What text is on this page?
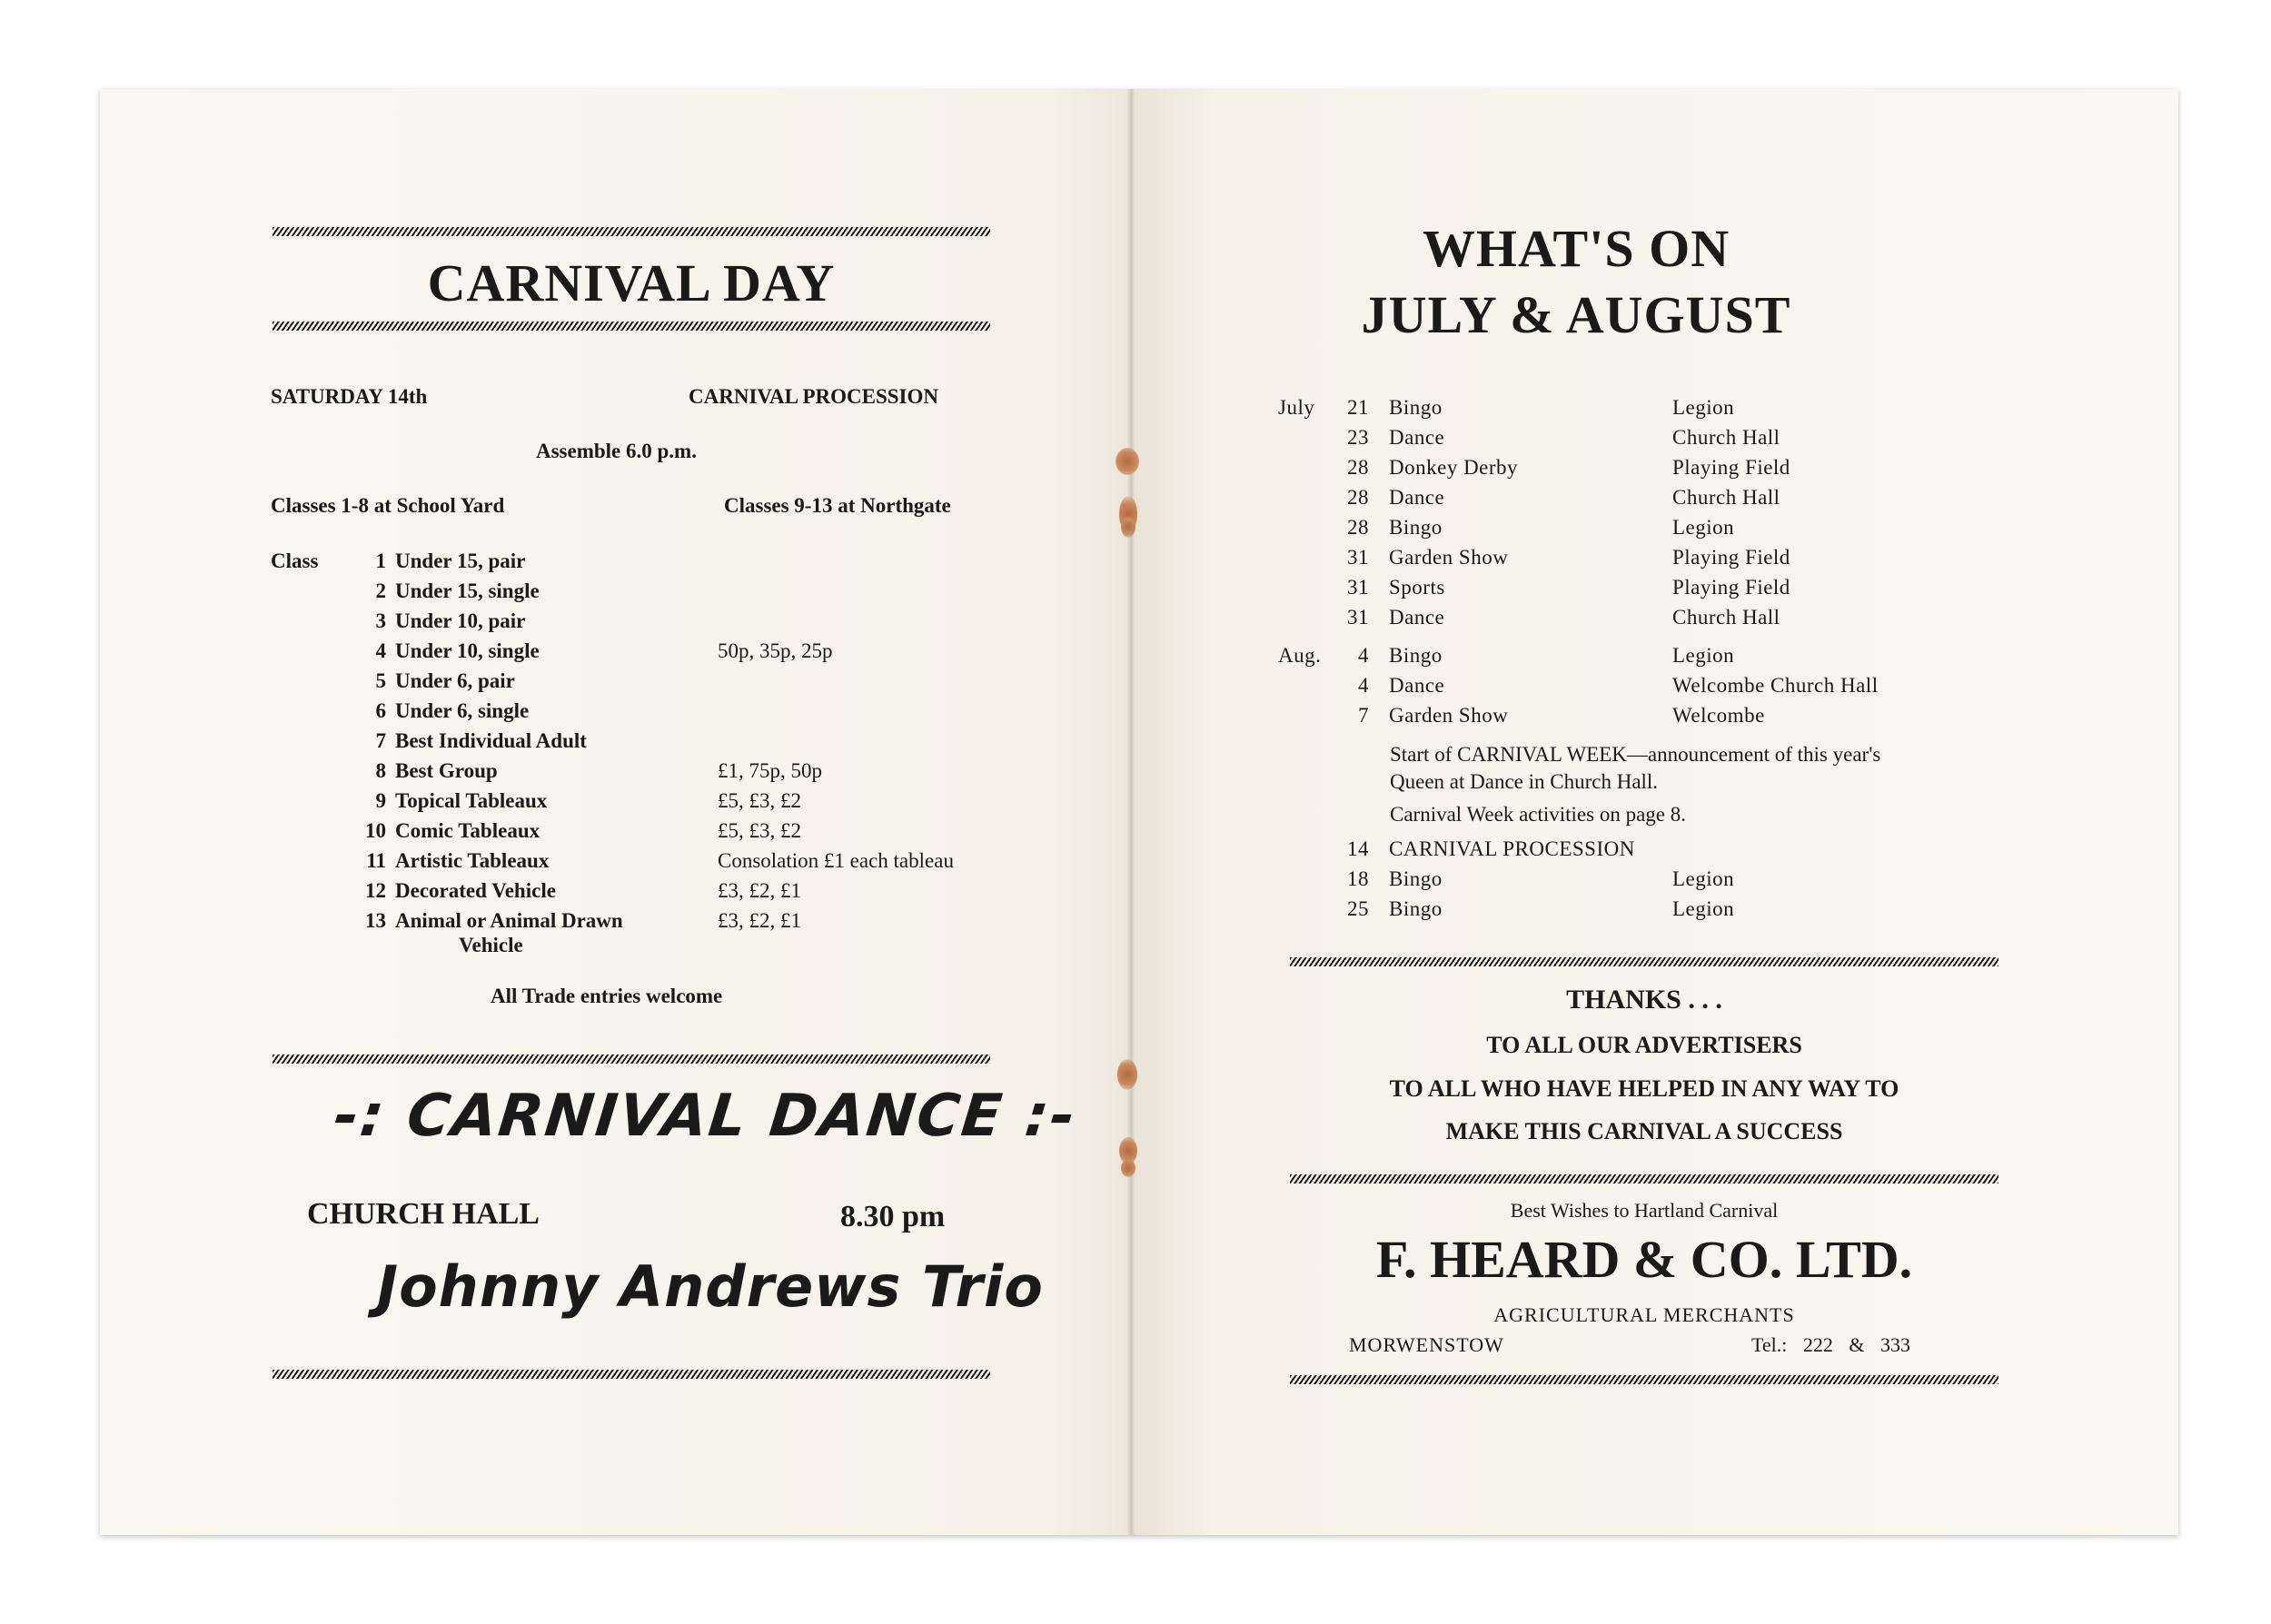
CARNIVAL DAY
SATURDAY 14th	CARNIVAL PROCESSION
Assemble 6.0 p.m.
Classes 1-8 at School Yard	Classes 9-13 at Northgate
Class	1 Under 15, pair
2 Under 15, single
3 Under 10, pair
4 Under 10, single	50p, 35p, 25p
5 Under 6, pair
6 Under 6, single
7 Best Individual Adult
8 Best Group	£1, 75p, 50p
9 Topical Tableaux	£5, £3, £2
10 Comic Tableaux	£5, £3, £2
11 Artistic Tableaux	Consolation £1 each tableau
12 Decorated Vehicle	£3, £2, £1
13 Animal or Animal Drawn	£3, £2, £1
Vehicle
All Trade entries welcome
-: CARNIVAL DANCE :-
CHURCH HALL	8.30 pm
Johnny Andrews Trio
WHAT'S ON
JULY & AUGUST
July	21 Bingo	Legion
23 Dance	Church Hall
28 Donkey Derby	Playing Field
28 Dance	Church Hall
28 Bingo	Legion
31 Garden Show	Playing Field
31 Sports	Playing Field
31 Dance	Church Hall
Aug.	4 Bingo	Legion
4 Dance	Welcombe Church Hall
7 Garden Show	Welcombe
Start of CARNIVAL WEEK—announcement of this year's
Queen at Dance in Church Hall.
Carnival Week activities on page 8.
14 CARNIVAL PROCESSION
18 Bingo	Legion
25 Bingo	Legion
THANKS . . .
TO ALL OUR ADVERTISERS
TO ALL WHO HAVE HELPED IN ANY WAY TO
MAKE THIS CARNIVAL A SUCCESS
Best Wishes to Hartland Carnival
F. HEARD & CO. LTD.
AGRICULTURAL MERCHANTS
MORWENSTOW	Tel.: 222 & 333
